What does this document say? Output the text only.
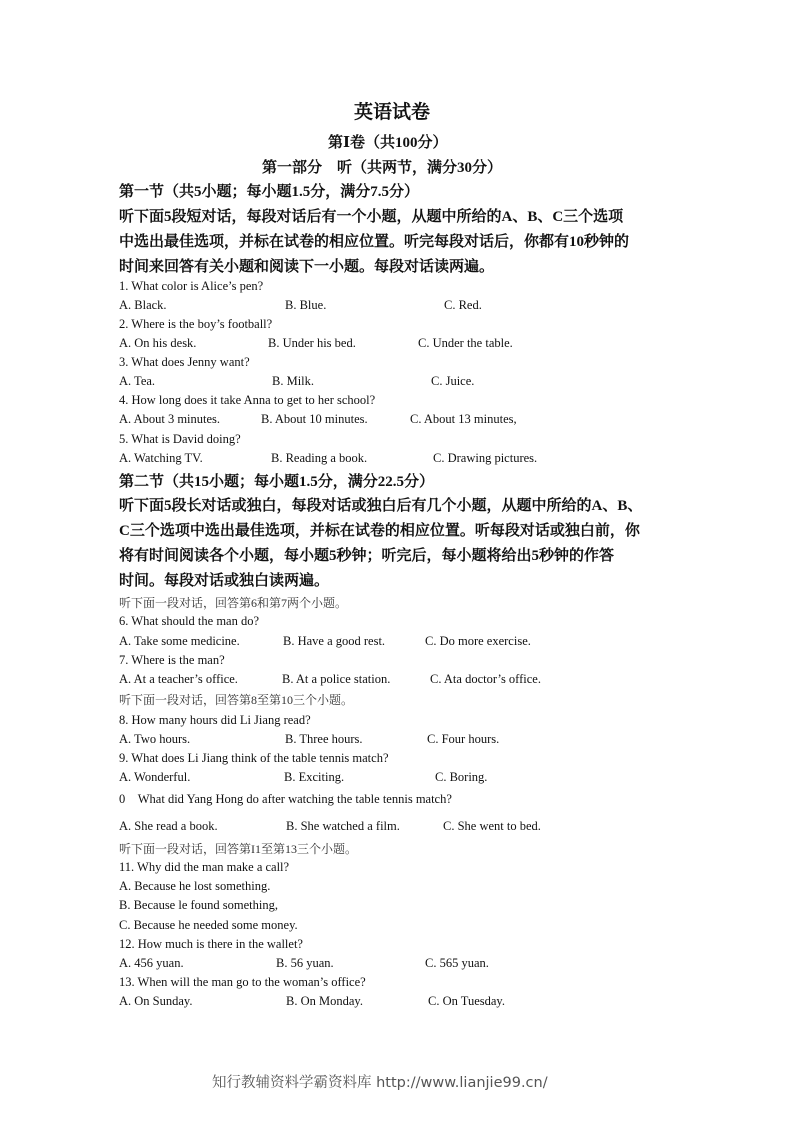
英语试卷
第Ⅰ卷（共100分）
第一部分　听（共两节，满分30分）
第一节（共5小题；每小题1.5分，满分7.5分）
听下面5段短对话，每段对话后有一个小题，从题中所给的A、B、C三个选项
中选出最佳选项，并标在试卷的相应位置。听完每段对话后，你都有10秒钟的
时间来回答有关小题和阅读下一小题。每段对话读两遍。
1. What color is Alice’s pen?
A. Black.	B. Blue.	C. Red.
2. Where is the boy’s football?
A. On his desk.	B. Under his bed.	C. Under the table.
3. What does Jenny want?
A. Tea.	B. Milk.	C. Juice.
4. How long does it take Anna to get to her school?
A. About 3 minutes.	B. About 10 minutes.	C. About 13 minutes,
5. What is David doing?
A. Watching TV.	B. Reading a book.	C. Drawing pictures.
第二节（共15小题；每小题1.5分，满分22.5分）
听下面5段长对话或独白，每段对话或独白后有几个小题，从题中所给的A、B、
C三个选项中选出最佳选项，并标在试卷的相应位置。听每段对话或独白前，你
将有时间阅读各个小题，每小题5秒钟；听完后，每小题将给出5秒钟的作答
时间。每段对话或独白读两遍。
听下面一段对话，回答第6和第7两个小题。
6. What should the man do?
A. Take some medicine.	B. Have a good rest.	C. Do more exercise.
7. Where is the man?
A. At a teacher’s office.	B. At a police station.	C. Ata doctor’s office.
听下面一段对话，回答第8至第10三个小题。
8. How many hours did Li Jiang read?
A. Two hours.	B. Three hours.	C. Four hours.
9. What does Li Jiang think of the table tennis match?
A. Wonderful.	B. Exciting.	C. Boring.
0　What did Yang Hong do after watching the table tennis match?
A. She read a book.	B. She watched a film.	C. She went to bed.
听下面一段对话，回答第I1至第13三个小题。
11. Why did the man make a call?
A. Because he lost something.
B. Because le found something,
C. Because he needed some money.
12. How much is there in the wallet?
A. 456 yuan.	B. 56 yuan.	C. 565 yuan.
13. When will the man go to the woman’s office?
A. On Sunday.	B. On Monday.	C. On Tuesday.
知行教辅资料学霸资料库 http://www.lianjie99.cn/
